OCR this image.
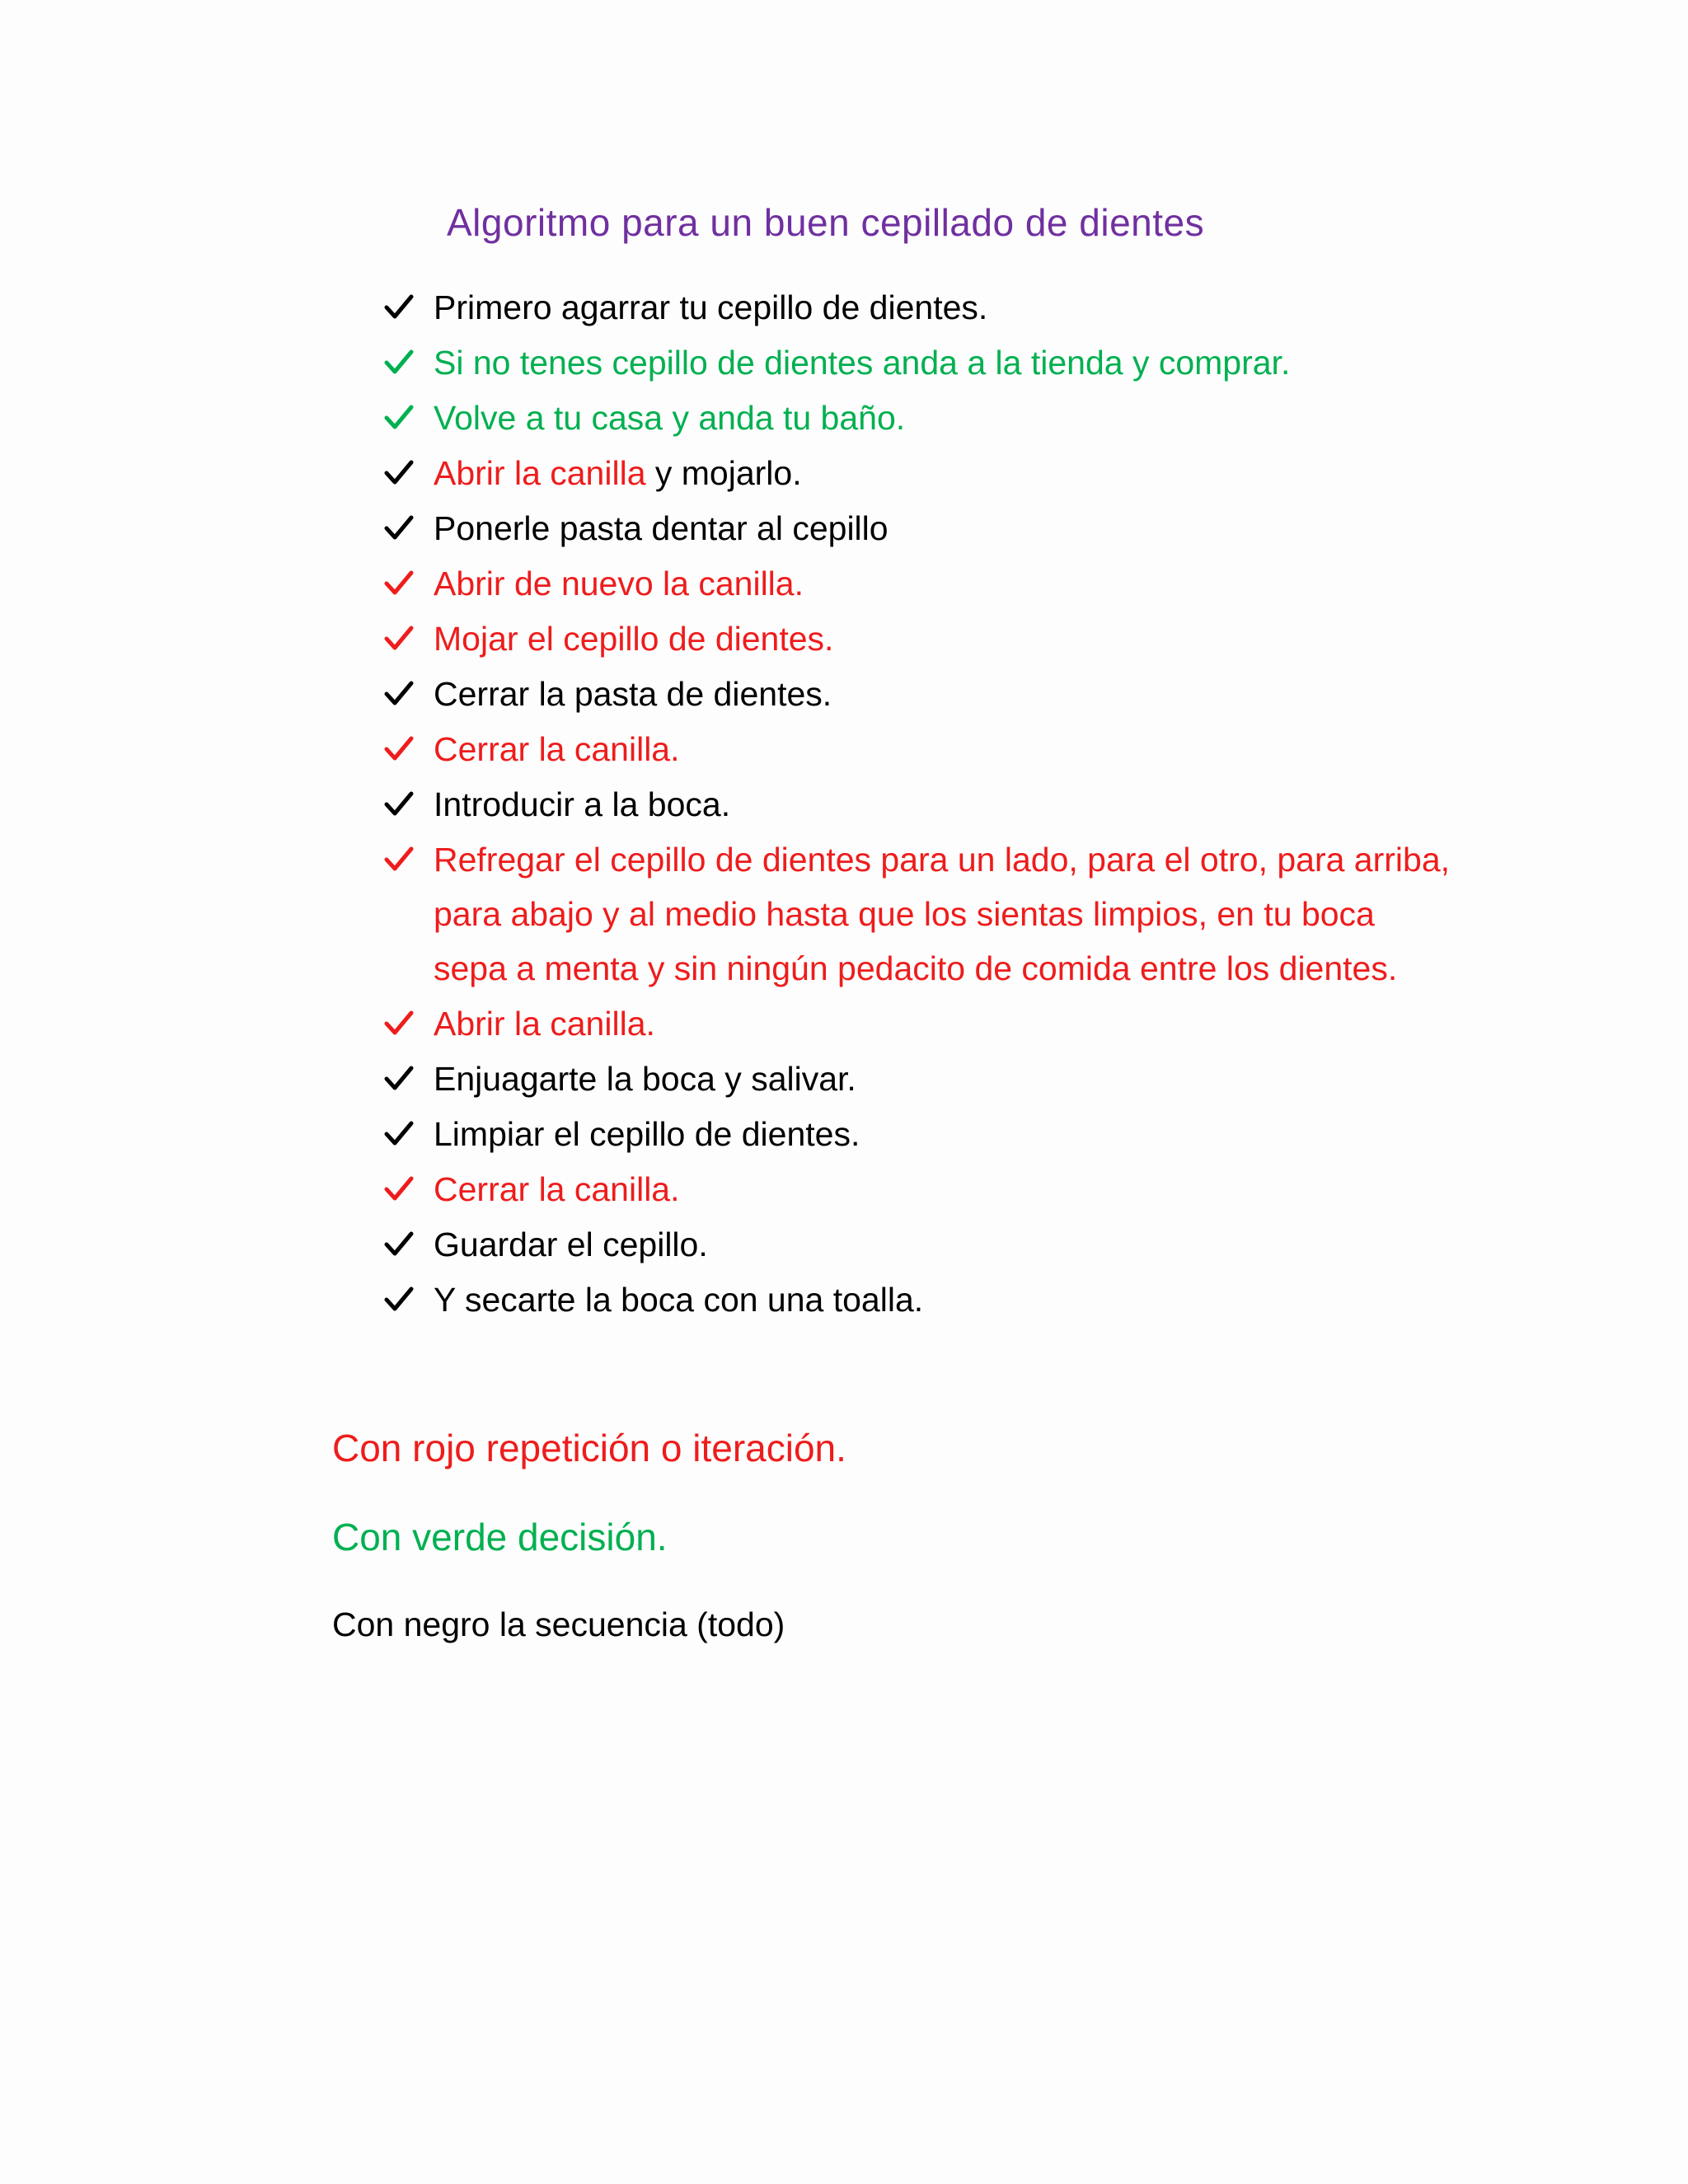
Algoritmo para un buen cepillado de dientes
Primero agarrar tu cepillo de dientes.
Si no tenes cepillo de dientes anda a la tienda y comprar.
Volve a tu casa y anda tu baño.
Abrir la canilla y mojarlo.
Ponerle pasta dentar al cepillo
Abrir de nuevo la canilla.
Mojar el cepillo de dientes.
Cerrar la pasta de dientes.
Cerrar la canilla.
Introducir a la boca.
Refregar el cepillo de dientes para un lado, para el otro, para arriba, para abajo y al medio hasta que los sientas limpios, en tu boca sepa a menta y sin ningún pedacito de comida entre los dientes.
Abrir la canilla.
Enjuagarte la boca y salivar.
Limpiar el cepillo de dientes.
Cerrar la canilla.
Guardar el cepillo.
Y secarte la boca con una toalla.

Con rojo repetición o iteración.

Con verde decisión.

Con negro la secuencia (todo)
